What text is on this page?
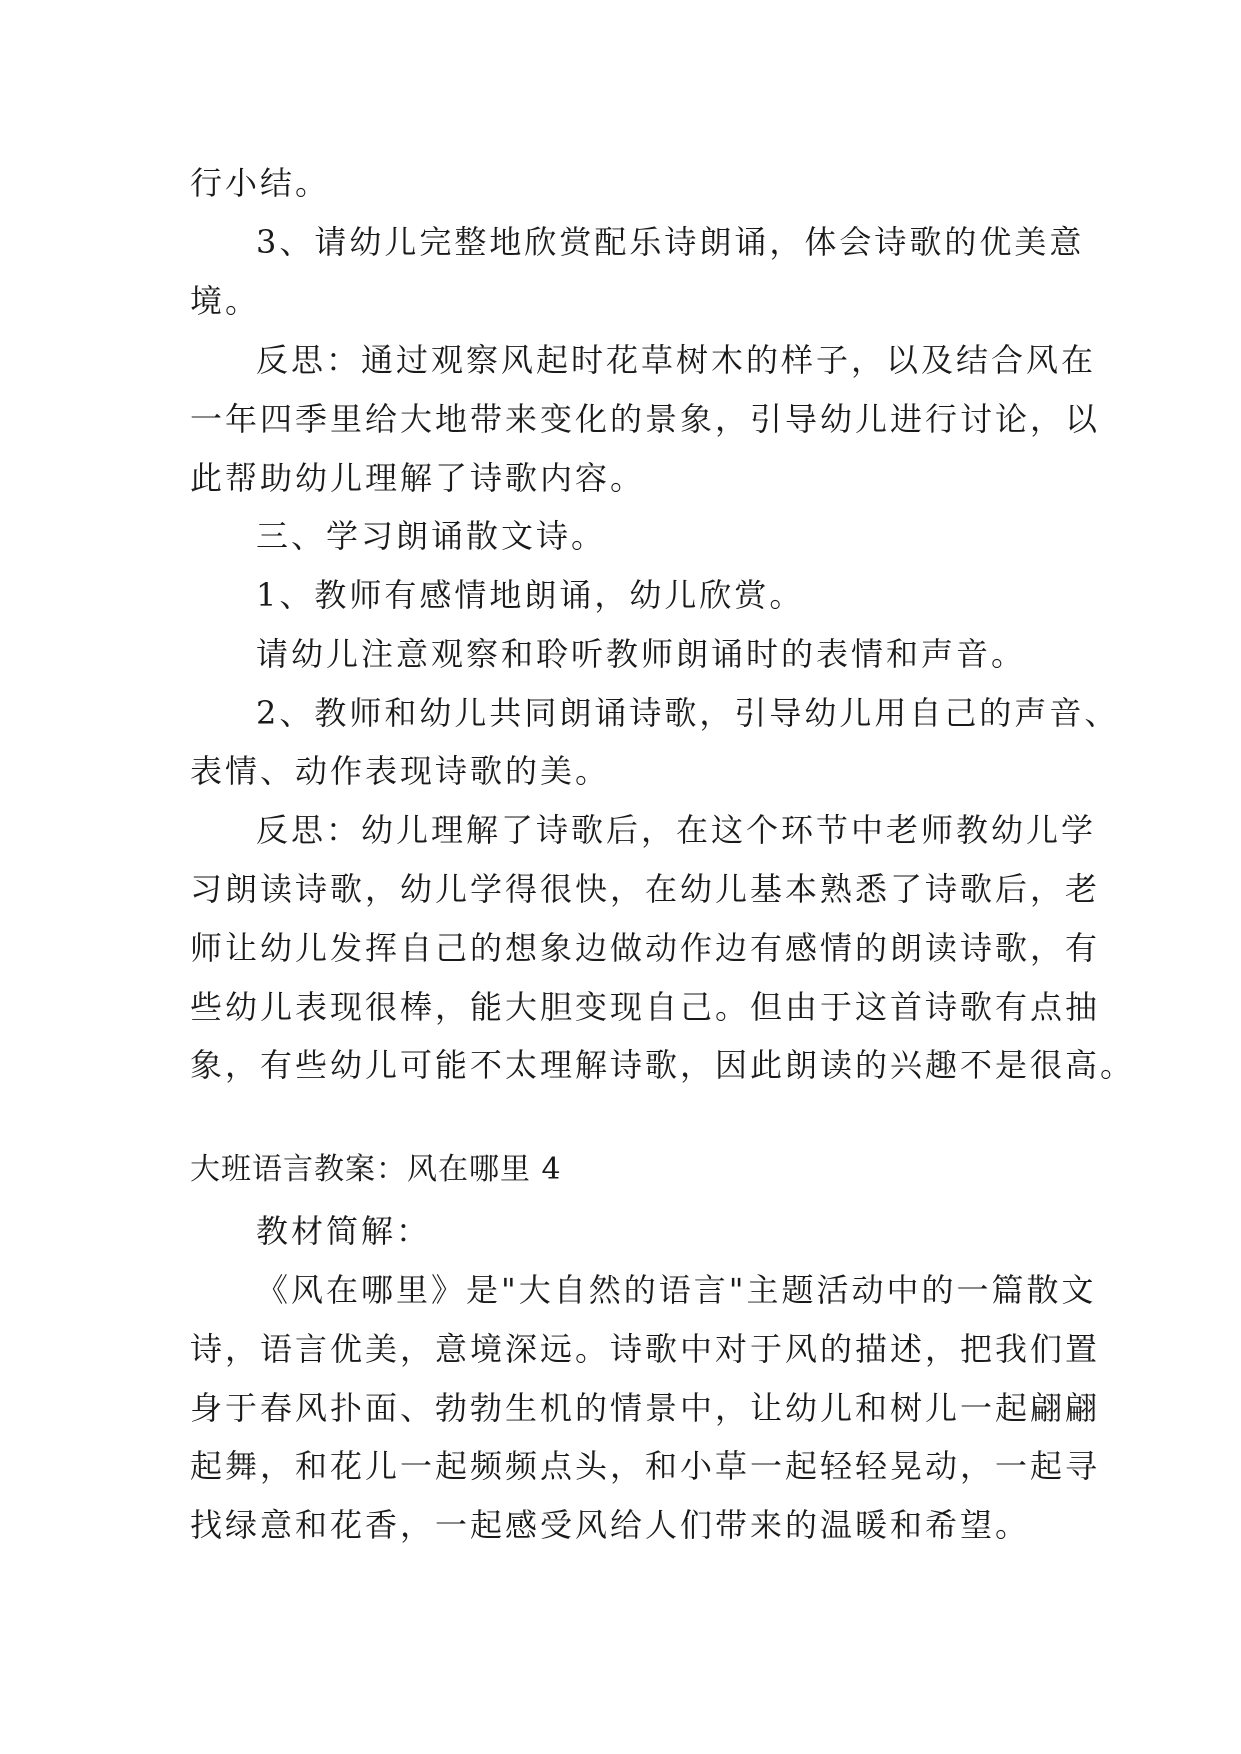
行小结。
3、请幼儿完整地欣赏配乐诗朗诵，体会诗歌的优美意
境。
反思：通过观察风起时花草树木的样子，以及结合风在
一年四季里给大地带来变化的景象，引导幼儿进行讨论，以
此帮助幼儿理解了诗歌内容。
三、学习朗诵散文诗。
1、教师有感情地朗诵，幼儿欣赏。
请幼儿注意观察和聆听教师朗诵时的表情和声音。
2、教师和幼儿共同朗诵诗歌，引导幼儿用自己的声音、
表情、动作表现诗歌的美。
反思：幼儿理解了诗歌后，在这个环节中老师教幼儿学
习朗读诗歌，幼儿学得很快，在幼儿基本熟悉了诗歌后，老
师让幼儿发挥自己的想象边做动作边有感情的朗读诗歌，有
些幼儿表现很棒，能大胆变现自己。但由于这首诗歌有点抽
象，有些幼儿可能不太理解诗歌，因此朗读的兴趣不是很高。
大班语言教案：风在哪里 4
教材简解：
《风在哪里》是"大自然的语言"主题活动中的一篇散文
诗，语言优美，意境深远。诗歌中对于风的描述，把我们置
身于春风扑面、勃勃生机的情景中，让幼儿和树儿一起翩翩
起舞，和花儿一起频频点头，和小草一起轻轻晃动，一起寻
找绿意和花香，一起感受风给人们带来的温暖和希望。
